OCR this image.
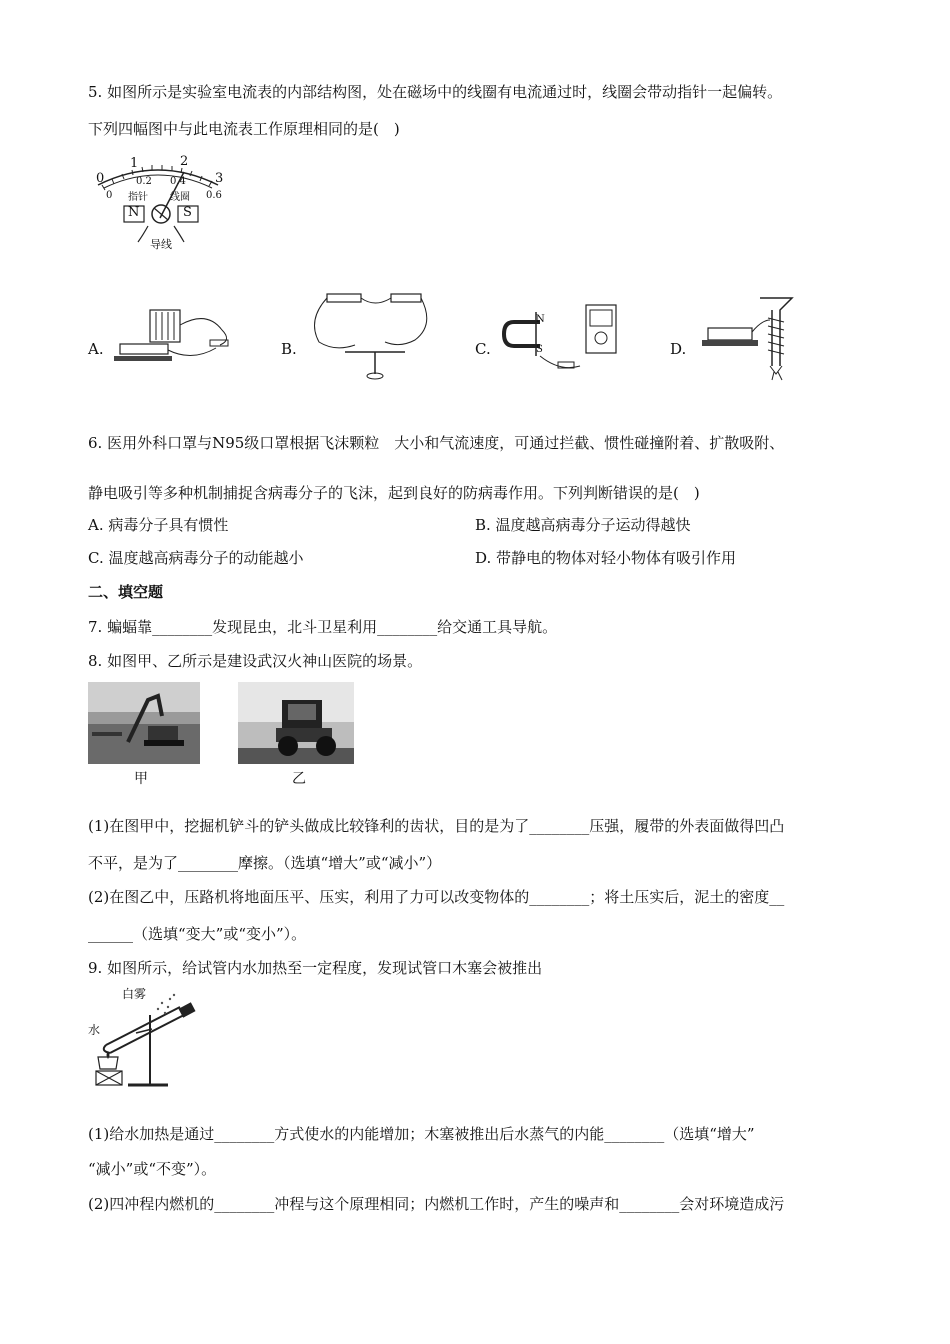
5. 如图所示是实验室电流表的内部结构图，处在磁场中的线圈有电流通过时，线圈会带动指针一起偏转。
下列四幅图中与此电流表工作原理相同的是(　)
0
1	2
3
0
0.2 0.4
0.6
指针 线圈
N	S
导线
A.	B.	C.
N
S	D.
6. 医用外科口罩与N95级口罩根据飞沫颗粒　大小和气流速度，可通过拦截、惯性碰撞附着、扩散吸附、
静电吸引等多种机制捕捉含病毒分子的飞沫，起到良好的防病毒作用。下列判断错误的是(　)
A. 病毒分子具有惯性	B. 温度越高病毒分子运动得越快
C. 温度越高病毒分子的动能越小	D. 带静电的物体对轻小物体有吸引作用
二、填空题
7. 蝙蝠靠________发现昆虫，北斗卫星利用________给交通工具导航。
8. 如图甲、乙所示是建设武汉火神山医院的场景。
甲	乙
(1)在图甲中，挖掘机铲斗的铲头做成比较锋利的齿状，目的是为了________压强，履带的外表面做得凹凸
不平，是为了________摩擦。（选填“增大”或“减小”）
(2)在图乙中，压路机将地面压平、压实，利用了力可以改变物体的________；将土压实后，泥土的密度__
______（选填“变大”或“变小”）。
9. 如图所示，给试管内水加热至一定程度，发现试管口木塞会被推出
白雾
水
(1)给水加热是通过________方式使水的内能增加；木塞被推出后水蒸气的内能________（选填“增大”
“减小”或“不变”）。
(2)四冲程内燃机的________冲程与这个原理相同；内燃机工作时，产生的噪声和________会对环境造成污
